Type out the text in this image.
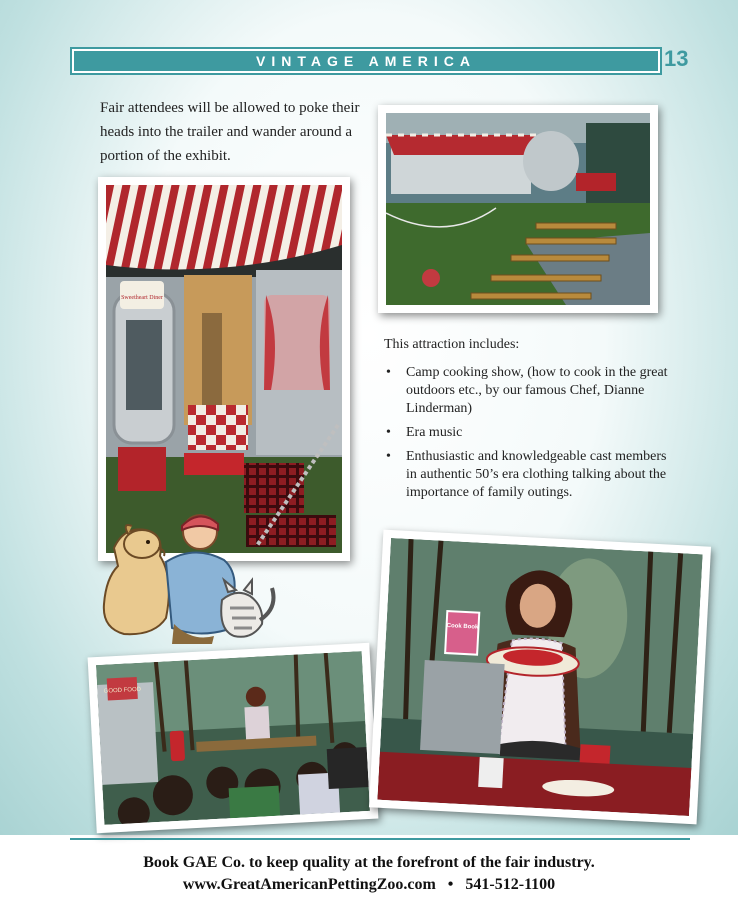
VINTAGE AMERICA	13
Fair attendees will be allowed to poke their heads into the trailer and wander around a portion of the exhibit.
Sweetheart Diner
This attraction includes:
• Camp cooking show, (how to cook in the great outdoors etc., by our famous Chef, Dianne Linderman)
• Era music
• Enthusiastic and knowledgeable cast members in authentic 50’s era clothing talking about the importance of family outings.
GOOD FOOD
Cook Book
Book GAE Co. to keep quality at the forefront of the fair industry.
www.GreatAmericanPettingZoo.com • 541-512-1100
